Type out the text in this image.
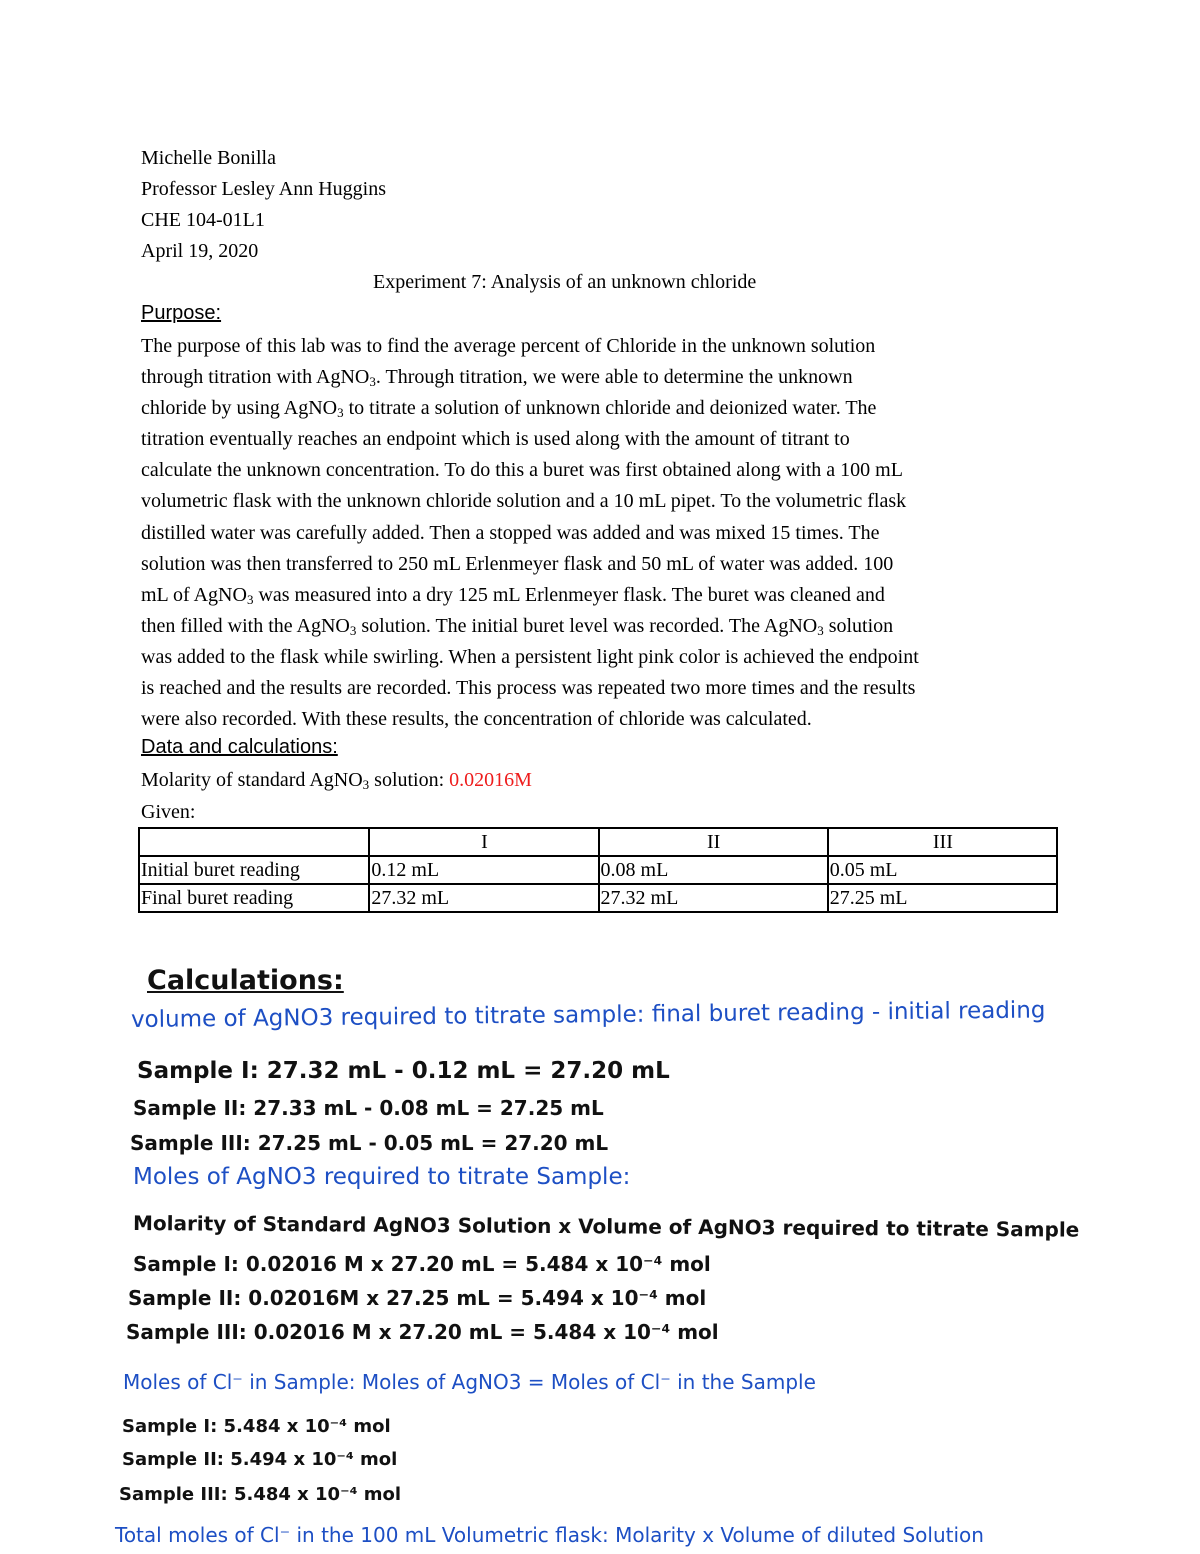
Michelle Bonilla
Professor Lesley Ann Huggins
CHE 104-01L1
April 19, 2020
Experiment 7: Analysis of an unknown chloride
Purpose:
The purpose of this lab was to find the average percent of Chloride in the unknown solution
through titration with AgNO$_3$. Through titration, we were able to determine the unknown
chloride by using AgNO$_3$ to titrate a solution of unknown chloride and deionized water. The
titration eventually reaches an endpoint which is used along with the amount of titrant to
calculate the unknown concentration. To do this a buret was first obtained along with a 100 mL
volumetric flask with the unknown chloride solution and a 10 mL pipet. To the volumetric flask
distilled water was carefully added. Then a stopped was added and was mixed 15 times. The
solution was then transferred to 250 mL Erlenmeyer flask and 50 mL of water was added. 100
mL of AgNO$_3$ was measured into a dry 125 mL Erlenmeyer flask. The buret was cleaned and
then filled with the AgNO$_3$ solution. The initial buret level was recorded. The AgNO$_3$ solution
was added to the flask while swirling. When a persistent light pink color is achieved the endpoint
is reached and the results are recorded. This process was repeated two more times and the results
were also recorded. With these results, the concentration of chloride was calculated.
Data and calculations:
Molarity of standard AgNO$_3$ solution: 0.02016M
Given:
	I	II	III
Initial buret reading	0.12 mL	0.08 mL	0.05 mL
Final buret reading	27.32 mL	27.32 mL	27.25 mL
Calculations:
volume of AgNO3 required to titrate sample: final buret reading - initial reading
Sample I: 27.32 mL - 0.12 mL = 27.20 mL
Sample II: 27.33 mL - 0.08 mL = 27.25 mL
Sample III: 27.25 mL - 0.05 mL = 27.20 mL
Moles of AgNO3 required to titrate Sample:
Molarity of Standard AgNO3 Solution x Volume of AgNO3 required to titrate Sample
Sample I: 0.02016 M x 27.20 mL = 5.484 x 10⁻⁴ mol
Sample II: 0.02016M x 27.25 mL = 5.494 x 10⁻⁴ mol
Sample III: 0.02016 M x 27.20 mL = 5.484 x 10⁻⁴ mol
Moles of Cl⁻ in Sample: Moles of AgNO3 = Moles of Cl⁻ in the Sample
Sample I: 5.484 x 10⁻⁴ mol
Sample II: 5.494 x 10⁻⁴ mol
Sample III: 5.484 x 10⁻⁴ mol
Total moles of Cl⁻ in the 100 mL Volumetric flask: Molarity x Volume of diluted Solution
